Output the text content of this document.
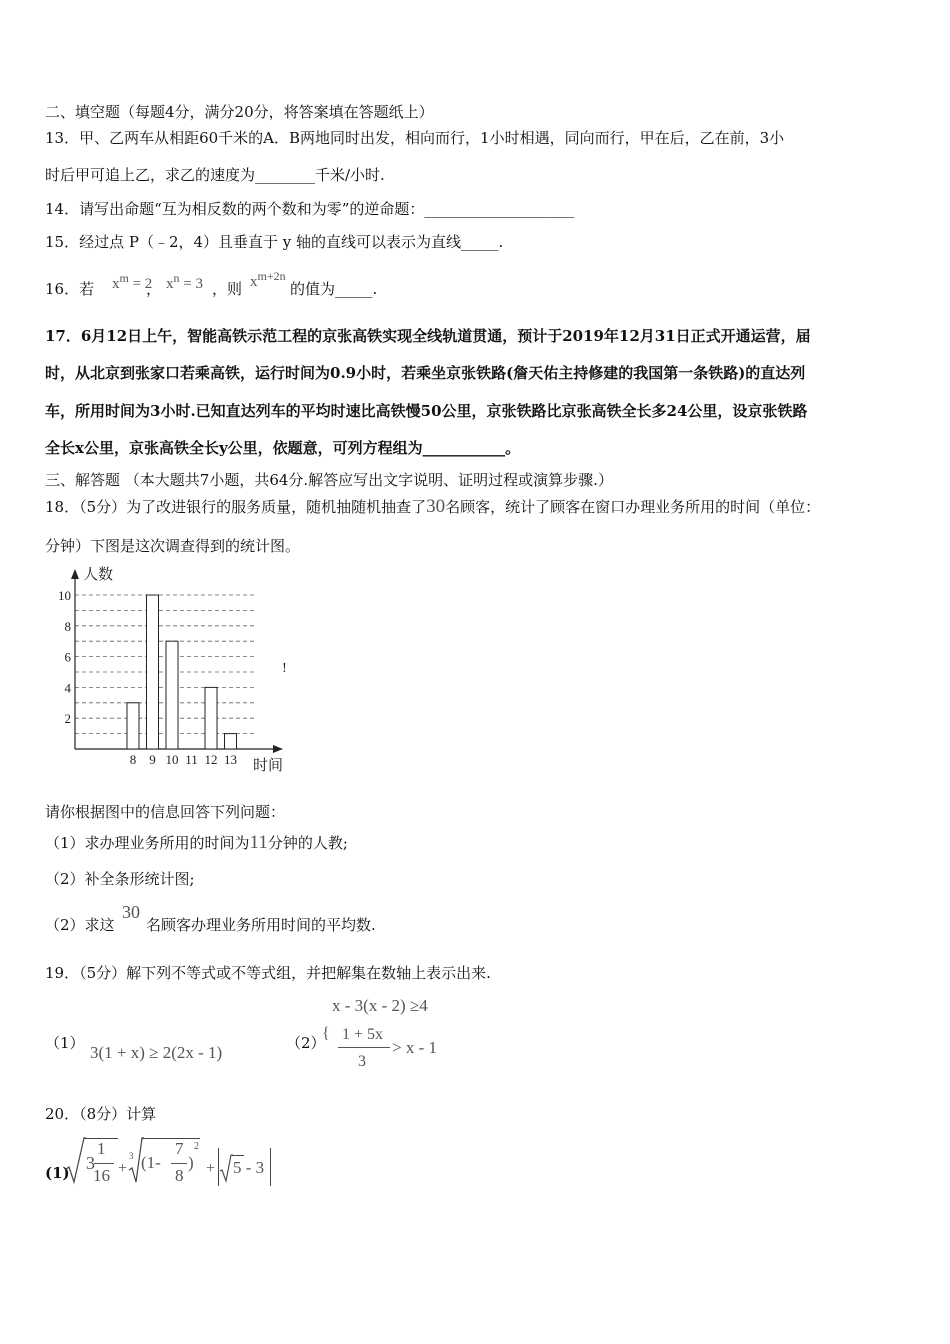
二、填空题（每题4分，满分20分，将答案填在答题纸上）
13．甲、乙两车从相距60千米的A．B两地同时出发，相向而行，1小时相遇，同向而行，甲在后，乙在前，3小
时后甲可追上乙，求乙的速度为________千米/小时.
14．请写出命题“互为相反数的两个数和为零”的逆命题：____________________
15．经过点 P（﹣2，4）且垂直于 y 轴的直线可以表示为直线_____.
16．若 $x^m = 2$
， $x^n = 3$ ，则 $x^{m+2n}$
的值为_____.
17．6月12日上午，智能高铁示范工程的京张高铁实现全线轨道贯通，预计于2019年12月31日正式开通运营，届
时，从北京到张家口若乘高铁，运行时间为0.9小时，若乘坐京张铁路(詹天佑主持修建的我国第一条铁路)的直达列
车，所用时间为3小时.已知直达列车的平均时速比高铁慢50公里，京张铁路比京张高铁全长多24公里，设京张铁路
全长x公里，京张高铁全长y公里，依题意，可列方程组为___________。
三、解答题 （本大题共7小题，共64分.解答应写出文字说明、证明过程或演算步骤.）
18．（5分）为了改进银行的服务质量，随机抽随机抽查了30名顾客，统计了顾客在窗口办理业务所用的时间（单位：
分钟）下图是这次调查得到的统计图。
人数
时间
2
4
6
8
10
8 9 10 11 12 13
!
请你根据图中的信息回答下列问题：
（1）求办理业务所用的时间为11分钟的人教;
（2）补全条形统计图;
（2）求这
30
名顾客办理业务所用时间的平均数.
19．（5分）解下列不等式或不等式组，并把解集在数轴上表示出来.
（1） 3(1 + x) ≥ 2(2x - 1)	（2）
{
x - 3(x - 2) ≥4
1 + 5x
3
> x - 1
20．（8分）计算
(1) 3
1
16 +
3 (1-
7
8
)
2
+ 5 - 3
